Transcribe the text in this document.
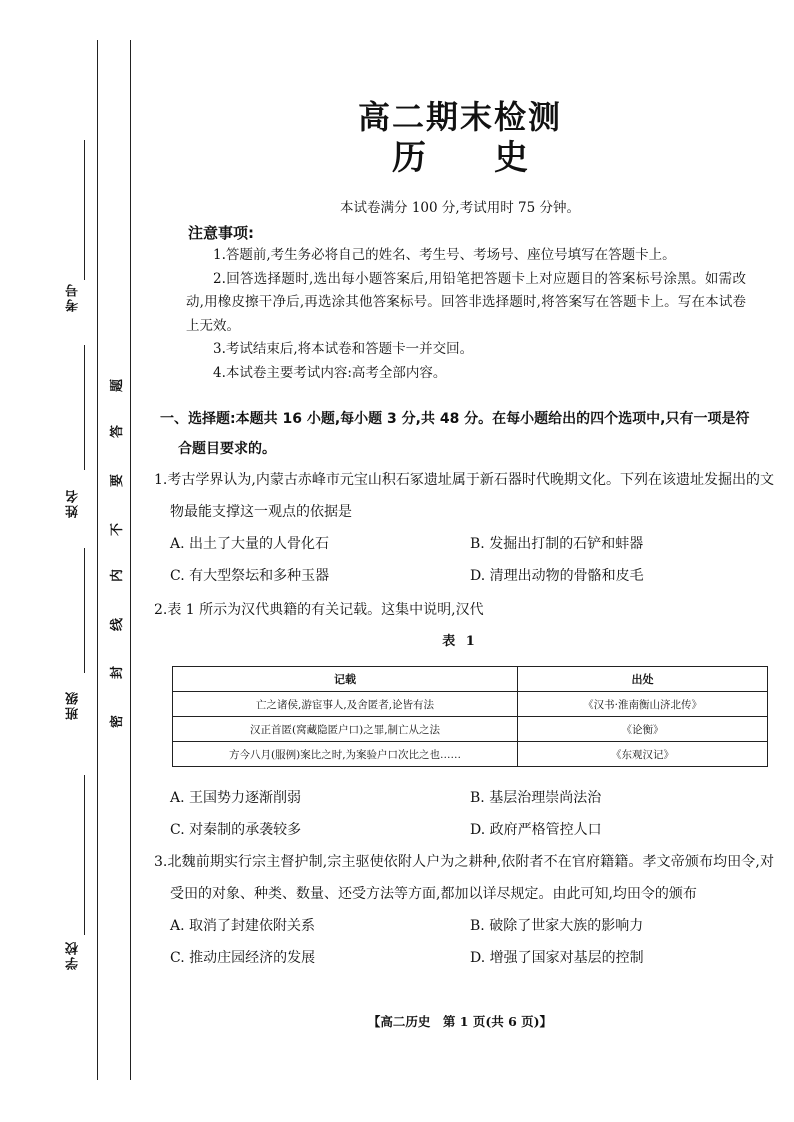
考号
姓名
班级
学校
题
答
要
不
内
线
封
密
高二期末检测
历　　史
本试卷满分 100 分,考试用时 75 分钟。
注意事项:

1.答题前,考生务必将自己的姓名、考生号、考场号、座位号填写在答题卡上。

2.回答选择题时,选出每小题答案后,用铅笔把答题卡上对应题目的答案标号涂黑。如需改动,用橡皮擦干净后,再选涂其他答案标号。回答非选择题时,将答案写在答题卡上。写在本试卷上无效。

3.考试结束后,将本试卷和答题卡一并交回。

4.本试卷主要考试内容:高考全部内容。

一、选择题:本题共 16 小题,每小题 3 分,共 48 分。在每小题给出的四个选项中,只有一项是符
合题目要求的。

1.考古学界认为,内蒙古赤峰市元宝山积石冢遗址属于新石器时代晚期文化。下列在该遗址发掘出的文物最能支撑这一观点的依据是

A. 出土了大量的人骨化石	B. 发掘出打制的石铲和蚌器
C. 有大型祭坛和多种玉器	D. 清理出动物的骨骼和皮毛

2.表 1 所示为汉代典籍的有关记载。这集中说明,汉代

表 1
记载	出处
亡之诸侯,游宦事人,及舍匿者,论皆有法	《汉书·淮南衡山济北传》
汉正首匿(窝藏隐匿户口)之罪,制亡从之法	《论衡》
方今八月(服例)案比之时,为案验户口次比之也……	《东观汉记》
A. 王国势力逐渐削弱	B. 基层治理崇尚法治
C. 对秦制的承袭较多	D. 政府严格管控人口

3.北魏前期实行宗主督护制,宗主驱使依附人户为之耕种,依附者不在官府籍籍。孝文帝颁布均田令,对受田的对象、种类、数量、还受方法等方面,都加以详尽规定。由此可知,均田令的颁布

A. 取消了封建依附关系	B. 破除了世家大族的影响力
C. 推动庄园经济的发展	D. 增强了国家对基层的控制
【高二历史　第 1 页(共 6 页)】
